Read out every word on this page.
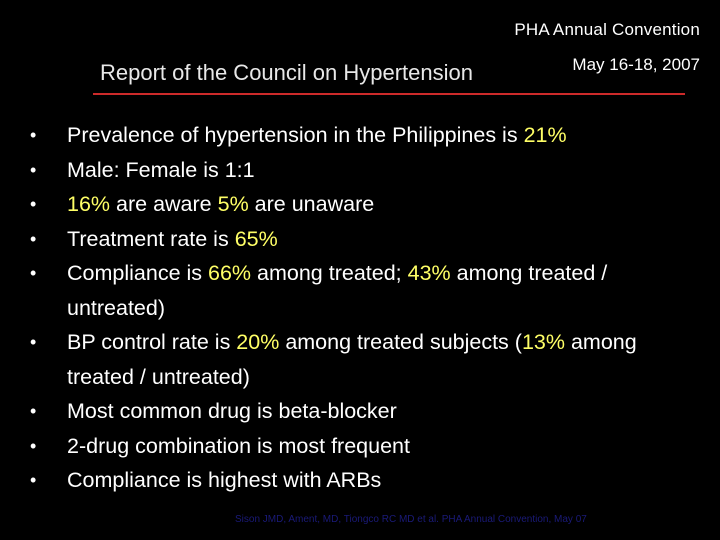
PHA Annual Convention
May 16-18, 2007
Report of the Council on Hypertension
• Prevalence of hypertension in the Philippines is 21%
• Male: Female is 1:1
• 16% are aware 5% are unaware
• Treatment rate is 65%
• Compliance is 66% among treated; 43% among treated / untreated)
• BP control rate is 20% among treated subjects (13% among treated / untreated)
• Most common drug is beta-blocker
• 2-drug combination is most frequent
• Compliance is highest with ARBs
Sison JMD, Ament, MD, Tiongco RC MD et al. PHA Annual Convention, May 07
